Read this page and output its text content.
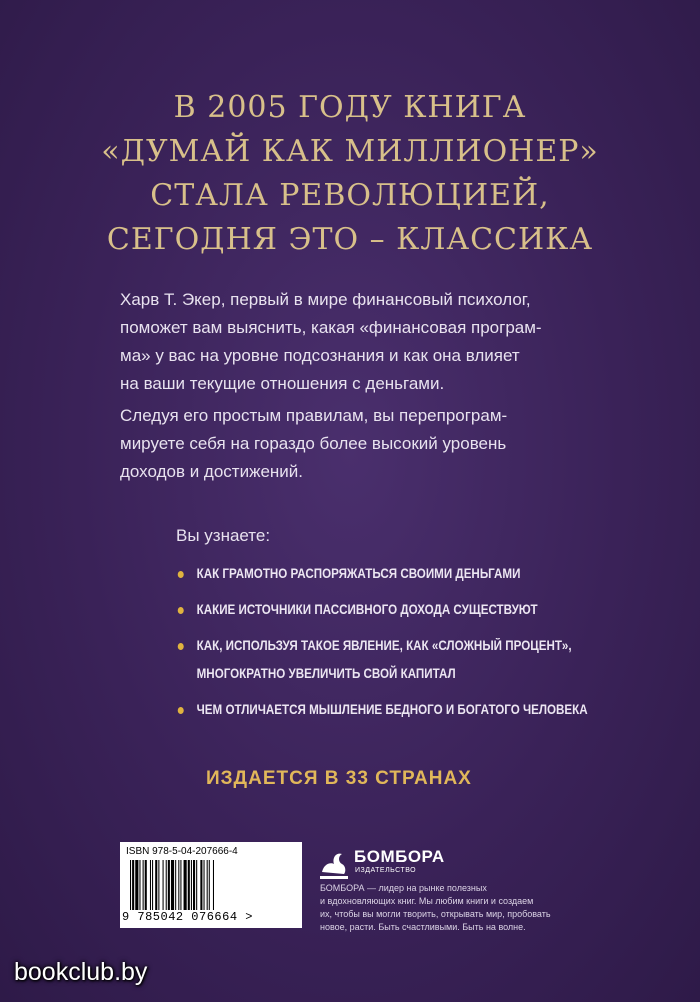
В 2005 ГОДУ КНИГА
«ДУМАЙ КАК МИЛЛИОНЕР»
СТАЛА РЕВОЛЮЦИЕЙ,
СЕГОДНЯ ЭТО – КЛАССИКА
Харв Т. Экер, первый в мире финансовый психолог,
поможет вам выяснить, какая «финансовая програм-
ма» у вас на уровне подсознания и как она влияет
на ваши текущие отношения с деньгами.
Следуя его простым правилам, вы перепрограм-
мируете себя на гораздо более высокий уровень
доходов и достижений.
Вы узнаете:
КАК ГРАМОТНО РАСПОРЯЖАТЬСЯ СВОИМИ ДЕНЬГАМИ
КАКИЕ ИСТОЧНИКИ ПАССИВНОГО ДОХОДА СУЩЕСТВУЮТ
КАК, ИСПОЛЬЗУЯ ТАКОЕ ЯВЛЕНИЕ, КАК «СЛОЖНЫЙ ПРОЦЕНТ»,
МНОГОКРАТНО УВЕЛИЧИТЬ СВОЙ КАПИТАЛ
ЧЕМ ОТЛИЧАЕТСЯ МЫШЛЕНИЕ БЕДНОГО И БОГАТОГО ЧЕЛОВЕКА
ИЗДАЕТСЯ В 33 СТРАНАХ
ISBN 978-5-04-207666-4
9 785042 076664 >
БОМБОРА
ИЗДАТЕЛЬСТВО
БОМБОРА — лидер на рынке полезных
и вдохновляющих книг. Мы любим книги и создаем
их, чтобы вы могли творить, открывать мир, пробовать
новое, расти. Быть счастливыми. Быть на волне.
bookclub.by
